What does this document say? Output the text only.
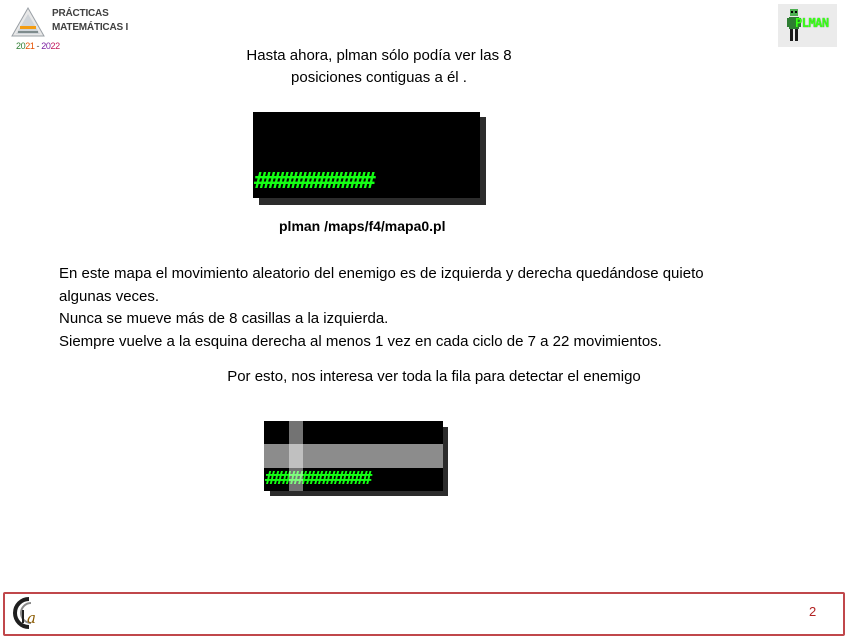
PRÁCTICAS
MATEMÁTICAS I
2021 - 2022
PLMAN
Hasta ahora, plman sólo podía ver las 8
posiciones contiguas a él .

#############

plman /maps/f4/mapa0.pl
En este mapa el movimiento aleatorio del enemigo es de izquierda y derecha quedándose quieto
algunas veces.
Nunca se mueve más de 8 casillas a la izquierda.
Siempre vuelve a la esquina derecha al menos 1 vez en cada ciclo de 7 a 22 movimientos.
Por esto, nos interesa ver toda la fila para detectar el enemigo

#############

a	2
